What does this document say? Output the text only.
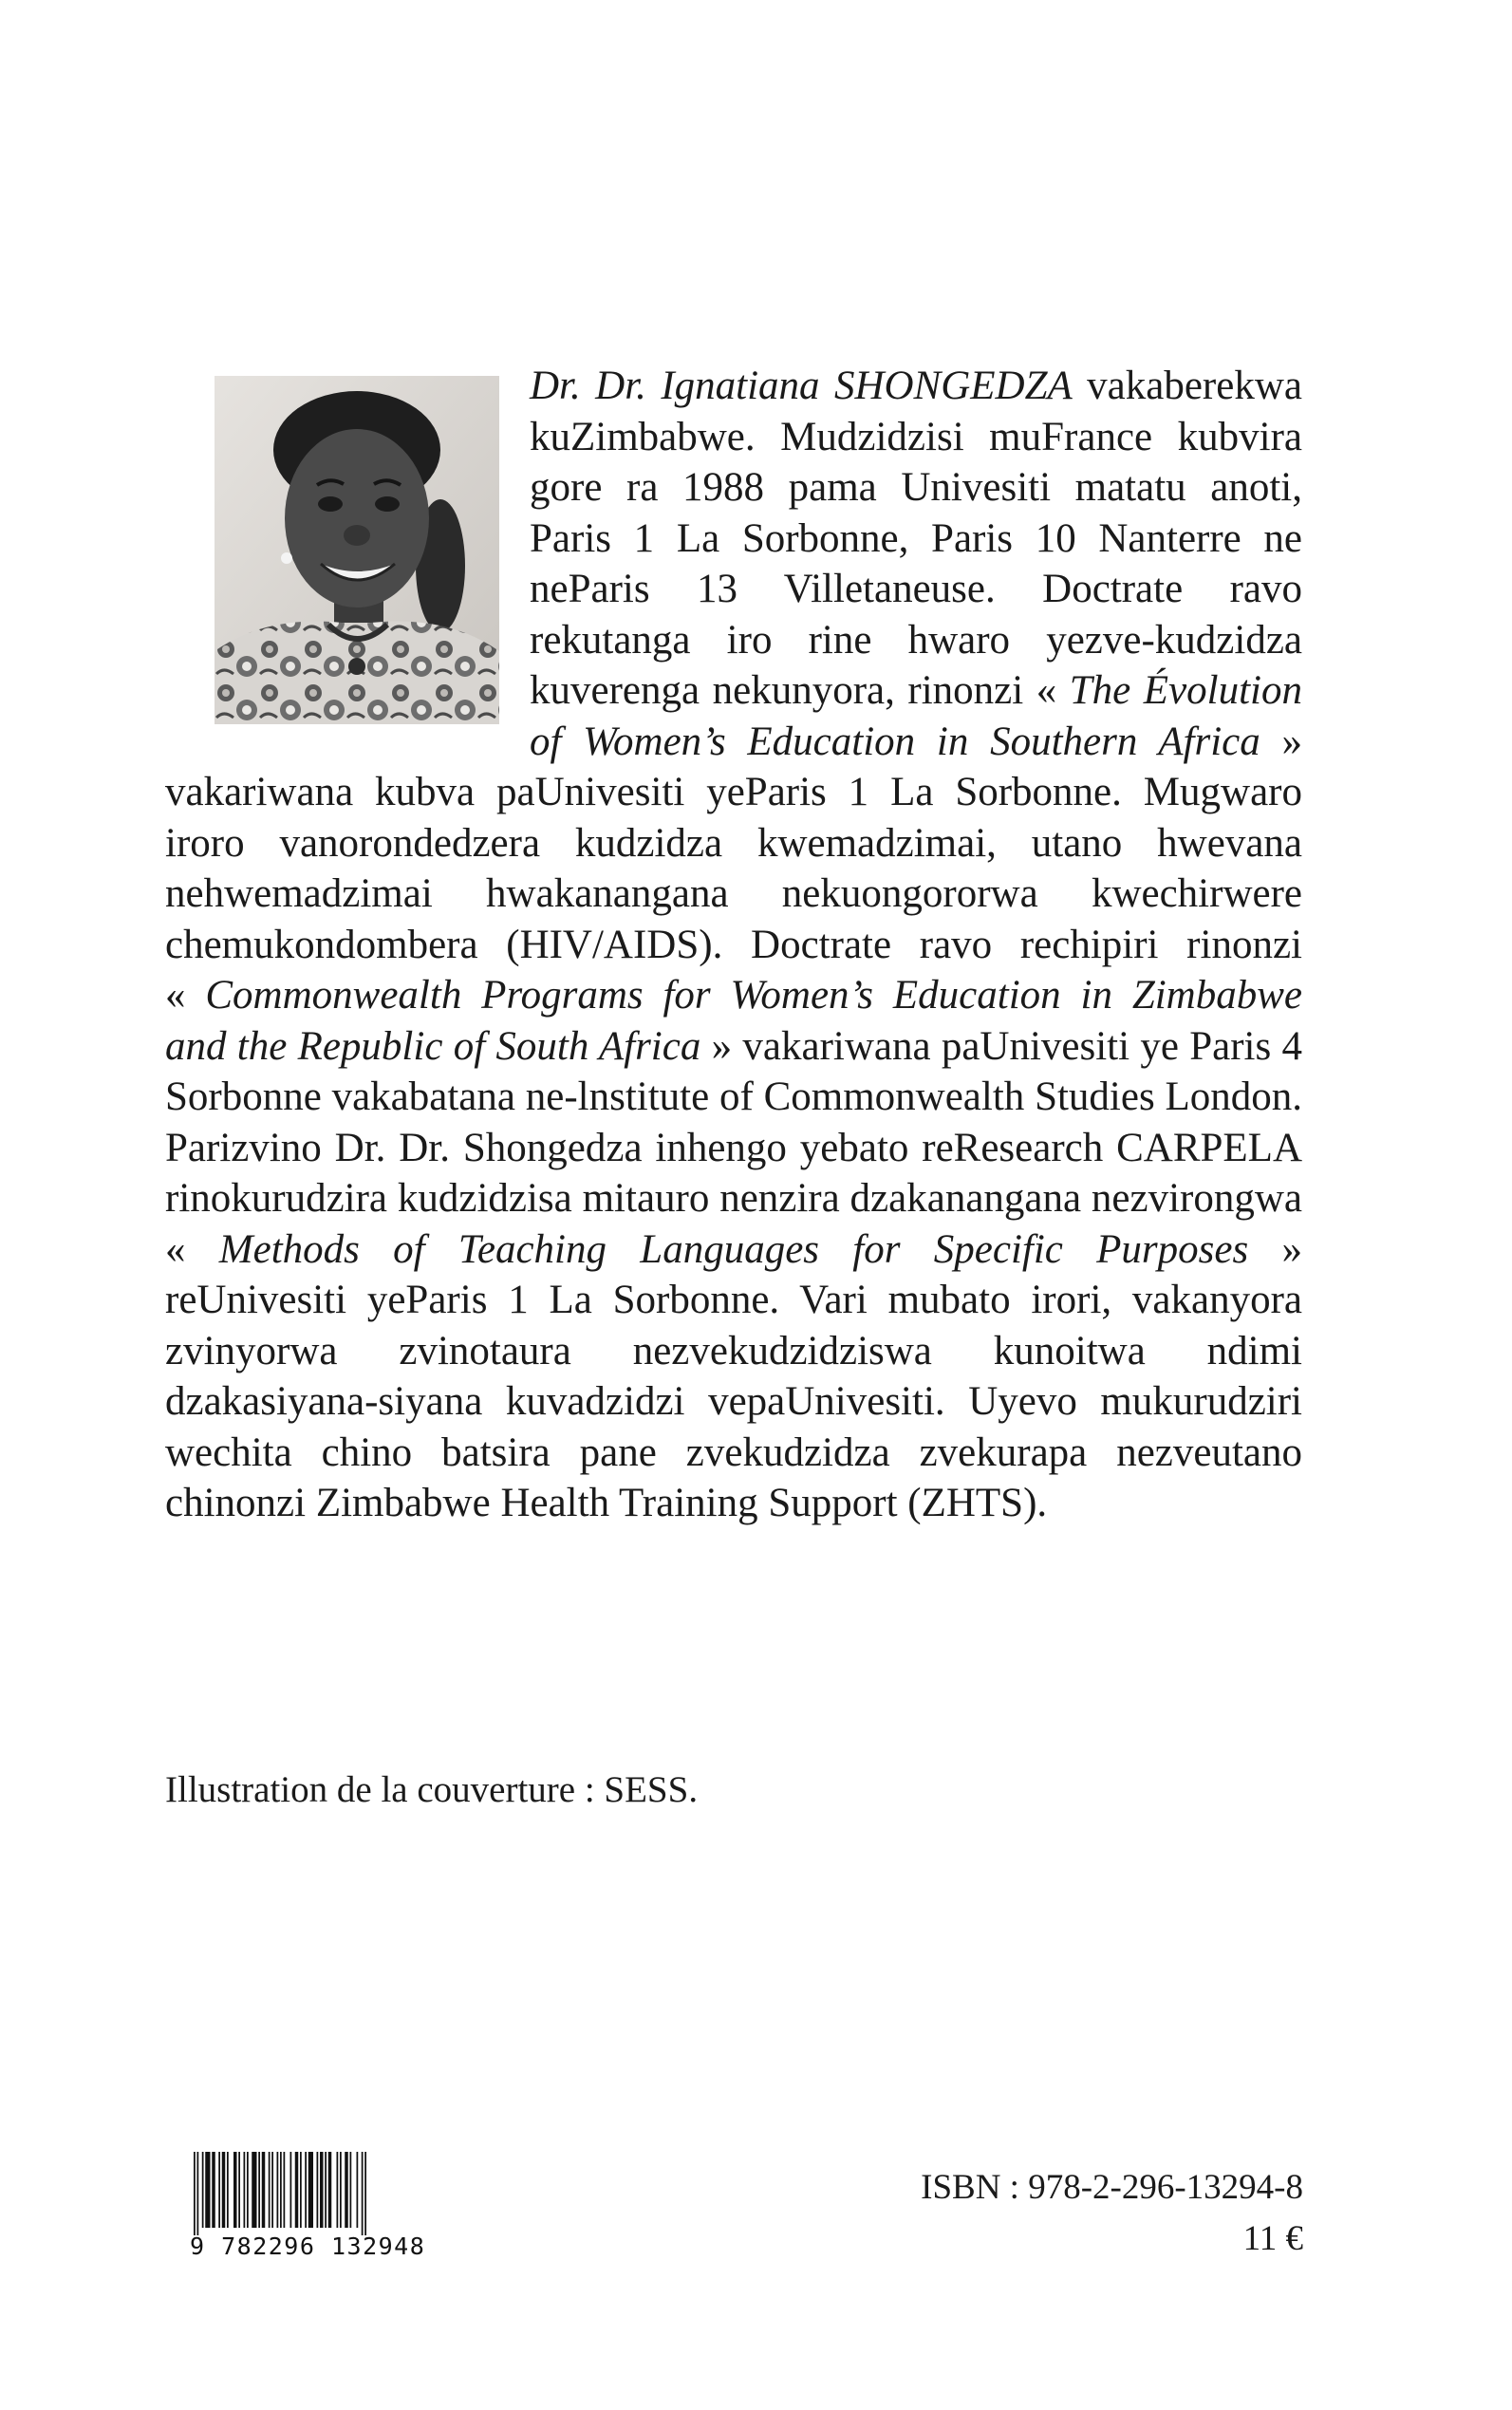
Dr. Dr. Ignatiana SHONGEDZA vakaberekwa kuZimbabwe. Mudzidzisi muFrance kubvira gore ra 1988 pama Univesiti matatu anoti, Paris 1 La Sorbonne, Paris 10 Nanterre ne neParis 13 Villetaneuse. Doctrate ravo rekutanga iro rine hwaro yezve-kudzidza kuverenga nekunyora, rinonzi « The Évolution of Women’s Education in Southern Africa » vakariwana kubva paUnivesiti yeParis 1 La Sorbonne. Mugwaro iroro vanorondedzera kudzidza kwemadzimai, utano hwevana nehwemadzimai hwakanangana nekuongororwa kwechirwere chemukondombera (HIV/AIDS). Doctrate ravo rechipiri rinonzi « Commonwealth Programs for Women’s Education in Zimbabwe and the Republic of South Africa » vakariwana paUnivesiti ye Paris 4 Sorbonne vakabatana ne-lnstitute of Commonwealth Studies London. Parizvino Dr. Dr. Shongedza inhengo yebato reResearch CARPELA rinokurudzira kudzidzisa mitauro nenzira dzakanangana nezvirongwa « Methods of Teaching Languages for Specific Purposes » reUnivesiti yeParis 1 La Sorbonne. Vari mubato irori, vakanyora zvinyorwa zvinotaura nezvekudzidziswa kunoitwa ndimi dzakasiyana-siyana kuvadzidzi vepaUnivesiti. Uyevo mukurudziri wechita chino batsira pane zvekudzidza zvekurapa nezveutano chinonzi Zimbabwe Health Training Support (ZHTS).

Illustration de la couverture : SESS.

9 782296 132948
ISBN : 978-2-296-13294-8
11 €
